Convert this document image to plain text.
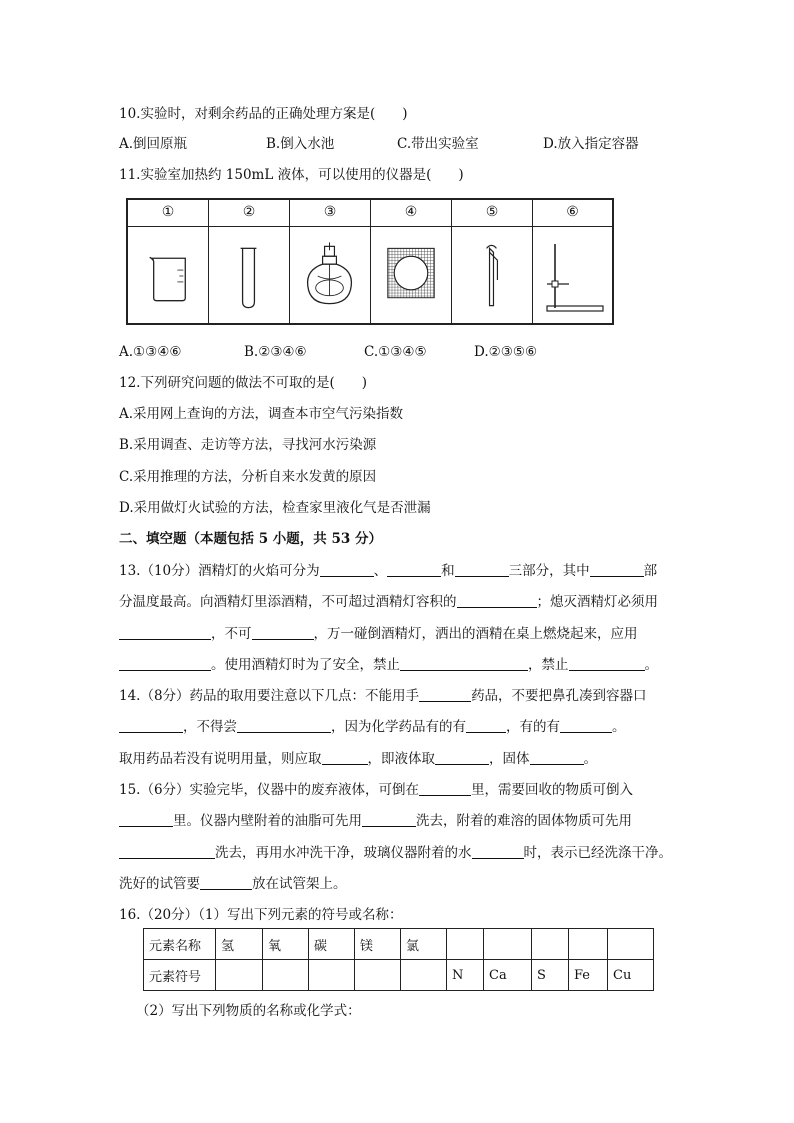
10.实验时，对剩余药品的正确处理方案是(　　)
A.倒回原瓶	B.倒入水池	C.带出实验室	D.放入指定容器
11.实验室加热约 150mL 液体，可以使用的仪器是(　　)
①	②	③	④	⑤	⑥
A.①③④⑥	B.②③④⑥	C.①③④⑤	D.②③⑤⑥
12.下列研究问题的做法不可取的是(　　)
A.采用网上查询的方法，调查本市空气污染指数
B.采用调查、走访等方法，寻找河水污染源
C.采用推理的方法，分析自来水发黄的原因
D.采用做灯火试验的方法，检查家里液化气是否泄漏
二、填空题（本题包括 5 小题，共 53 分）
13.（10分）酒精灯的火焰可分为	、	和	三部分，其中	部
分温度最高。向酒精灯里添酒精，不可超过酒精灯容积的	；熄灭酒精灯必须用
，不可	，万一碰倒酒精灯，洒出的酒精在桌上燃烧起来，应用
。使用酒精灯时为了安全，禁止	，禁止	。
14.（8分）药品的取用要注意以下几点：不能用手	药品，不要把鼻孔凑到容器口
，不得尝	，因为化学药品有的有	，有的有	。
取用药品若没有说明用量，则应取	，即液体取	，固体	。
15.（6分）实验完毕，仪器中的废弃液体，可倒在	里，需要回收的物质可倒入
里。仪器内壁附着的油脂可先用	洗去，附着的难溶的固体物质可先用
洗去，再用水冲洗干净，玻璃仪器附着的水	时，表示已经洗涤干净。
洗好的试管要	放在试管架上。
16.（20分）（1）写出下列元素的符号或名称：
元素名称	氢	氧	碳	镁	氯					
元素符号						N	Ca	S	Fe	Cu
（2）写出下列物质的名称或化学式：
